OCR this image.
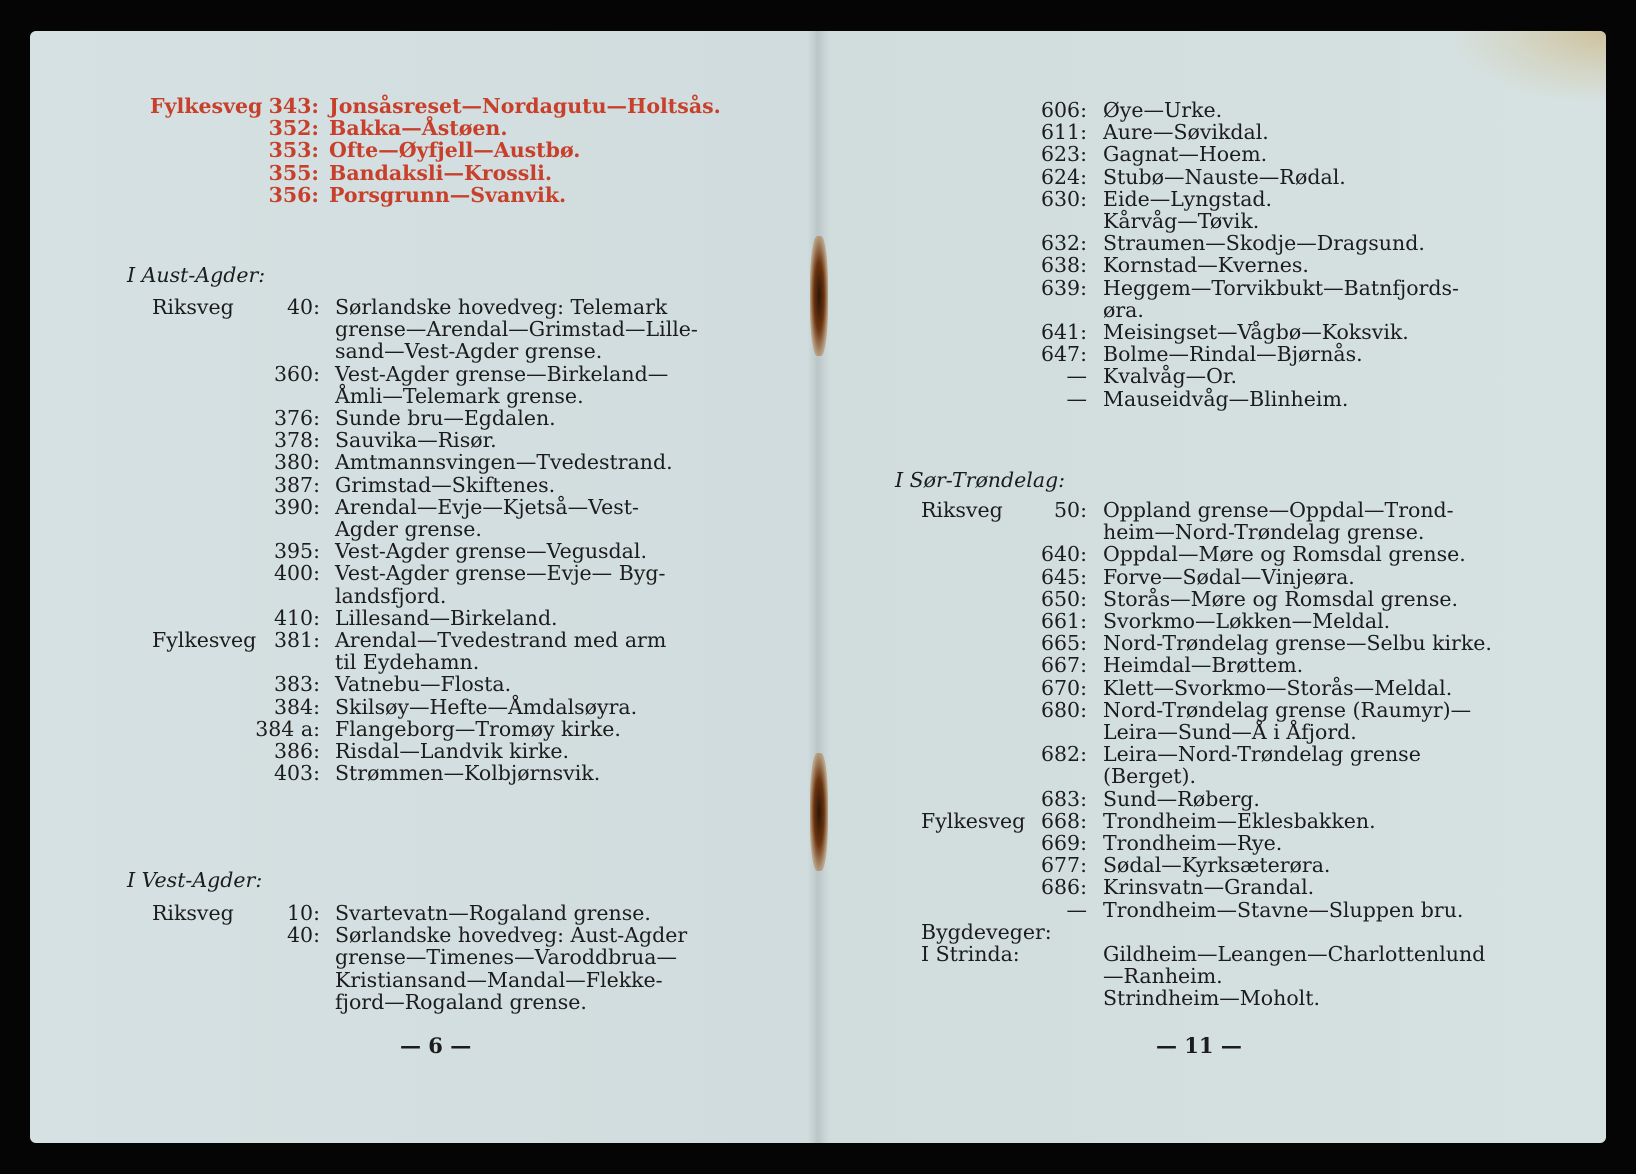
Fylkesveg 343: Jonsåsreset—Nordagutu—Holtsås.
352: Bakka—Åstøen.
353: Ofte—Øyfjell—Austbø.
355: Bandaksli—Krossli.
356: Porsgrunn—Svanvik.
I Aust-Agder:
Riksveg	40: Sørlandske hovedveg: Telemark
grense—Arendal—Grimstad—Lille-
sand—Vest-Agder grense.
360: Vest-Agder grense—Birkeland—
Åmli—Telemark grense.
376: Sunde bru—Egdalen.
378: Sauvika—Risør.
380: Amtmannsvingen—Tvedestrand.
387: Grimstad—Skiftenes.
390: Arendal—Evje—Kjetså—Vest-
Agder grense.
395: Vest-Agder grense—Vegusdal.
400: Vest-Agder grense—Evje— Byg-
landsfjord.
410: Lillesand—Birkeland.
Fylkesveg 381: Arendal—Tvedestrand med arm
til Eydehamn.
383: Vatnebu—Flosta.
384: Skilsøy—Hefte—Åmdalsøyra.
384 a: Flangeborg—Tromøy kirke.
386: Risdal—Landvik kirke.
403: Strømmen—Kolbjørnsvik.
I Vest-Agder:
Riksveg	10: Svartevatn—Rogaland grense.
40: Sørlandske hovedveg: Aust-Agder
grense—Timenes—Varoddbrua—
Kristiansand—Mandal—Flekke-
fjord—Rogaland grense.
— 6 —
606: Øye—Urke.
611: Aure—Søvikdal.
623: Gagnat—Hoem.
624: Stubø—Nauste—Rødal.
630: Eide—Lyngstad.
Kårvåg—Tøvik.
632: Straumen—Skodje—Dragsund.
638: Kornstad—Kvernes.
639: Heggem—Torvikbukt—Batnfjords-
øra.
641: Meisingset—Vågbø—Koksvik.
647: Bolme—Rindal—Bjørnås.
— Kvalvåg—Or.
— Mauseidvåg—Blinheim.
I Sør-Trøndelag:
Riksveg	50: Oppland grense—Oppdal—Trond-
heim—Nord-Trøndelag grense.
640: Oppdal—Møre og Romsdal grense.
645: Forve—Sødal—Vinjeøra.
650: Storås—Møre og Romsdal grense.
661: Svorkmo—Løkken—Meldal.
665: Nord-Trøndelag grense—Selbu kirke.
667: Heimdal—Brøttem.
670: Klett—Svorkmo—Storås—Meldal.
680: Nord-Trøndelag grense (Raumyr)—
Leira—Sund—Å i Åfjord.
682: Leira—Nord-Trøndelag grense
(Berget).
683: Sund—Røberg.
Fylkesveg 668: Trondheim—Eklesbakken.
669: Trondheim—Rye.
677: Sødal—Kyrksæterøra.
686: Krinsvatn—Grandal.
— Trondheim—Stavne—Sluppen bru.
Bygdeveger:
I Strinda:	Gildheim—Leangen—Charlottenlund
—Ranheim.
Strindheim—Moholt.
— 11 —
